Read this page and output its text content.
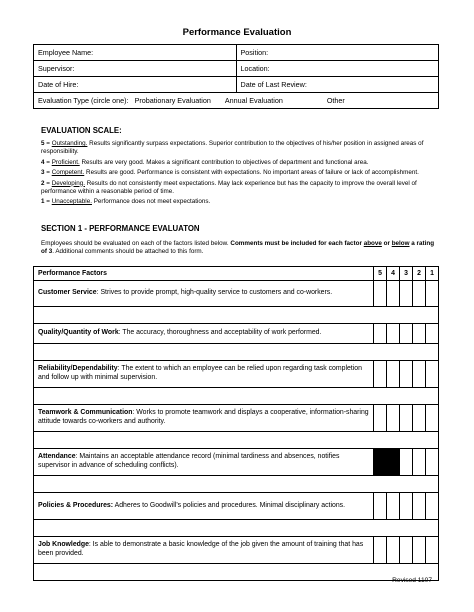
Performance Evaluation
Employee Name:	Position:
Supervisor:	Location:
Date of Hire:	Date of Last Review:

Evaluation Type (circle one): Probationary Evaluation Annual Evaluation Other	
EVALUATION SCALE:

5 = Outstanding. Results significantly surpass expectations. Superior contribution to the objectives of his/her position in assigned areas of responsibility.

4 = Proficient. Results are very good. Makes a significant contribution to objectives of department and functional area.

3 = Competent. Results are good. Performance is consistent with expectations. No important areas of failure or lack of accomplishment.

2 = Developing. Results do not consistently meet expectations. May lack experience but has the capacity to improve the overall level of performance within a reasonable period of time.

1 = Unacceptable. Performance does not meet expectations.

SECTION 1 - PERFORMANCE EVALUATON
Employees should be evaluated on each of the factors listed below. Comments must be included for each factor above or below a rating of 3. Additional comments should be attached to this form.
Performance Factors	5	4	3	2	1
Customer Service: Strives to provide prompt, high-quality service to customers and co-workers.					

Quality/Quantity of Work: The accuracy, thoroughness and acceptability of work performed.					

Reliability/Dependability: The extent to which an employee can be relied upon regarding task completion and follow up with minimal supervision.					

Teamwork & Communication: Works to promote teamwork and displays a cooperative, information-sharing attitude towards co-workers and authority.					

Attendance: Maintains an acceptable attendance record (minimal tardiness and absences, notifies supervisor in advance of scheduling conflicts).					

Policies & Procedures: Adheres to Goodwill’s policies and procedures. Minimal disciplinary actions.					

Job Knowledge: Is able to demonstrate a basic knowledge of the job given the amount of training that has been provided.					

Revised 1107
